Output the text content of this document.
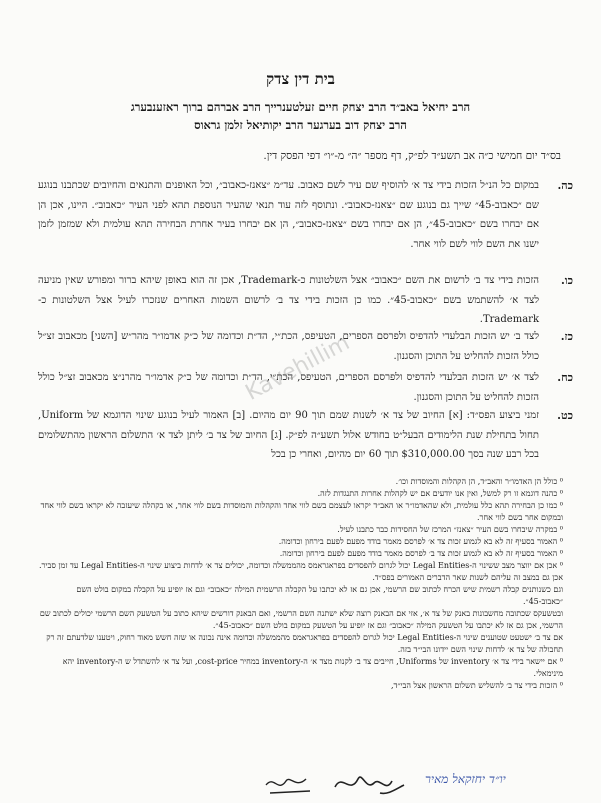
בית דין צדק
הרב יחיאל באב״ד הרב יצחק חיים זעלטענרייך הרב אברהם ברוך ראזענבערג
הרב יצחק דוב בערגער הרב יקותיאל זלמן גראוס
בס״ד יום חמישי כ״ה אב תשע״ד לפ״ק, דף מספר ״ה״ מ-״ו״ דפי הפסק דין.
כה.
במקום כל הנ״ל הזכות בידי צד א׳ להוסיף שם עיר לשם כאבוב. עד״מ ״צאנז-כאבוב״, וכל האופנים והתנאים והחיובים שכתבנו בנוגע שם ״כאבוב-45״ שייך גם בנוגע שם ״צאנז-כאבוב״. ונתוסף לזה עוד תנאי שהעיר הנוספת תהא לפני העיר ״כאבוב״. היינו, אכן הן אם יבחרו בשם ״כאבוב-45״, הן אם יבחרו בשם ״צאנז-כאבוב״, הן אם יבחרו בעיר אחרת הבחירה תהא עולמית ולא שמזמן לזמן ישנו את השם לווי לשם לווי אחר.
כו.
הזכות בידי צד ב׳ לרשום את השם ״כאבוב״ אצל השלטונות כ-Trademark, אכן זה הוא באופן שיהא ברור ומפורש שאין מניעה לצד א׳ להשתמש בשם ״כאבוב-45״. כמו כן הזכות בידי צד ב׳ לרשום השמות האחרים שנזכרו לעיל אצל השלטונות כ-Trademark.
כז.
לצד ב׳ יש הזכות הבלעדי להדפיס ולפרסם הספרים, הטעיפס, הכת״י, הד״ת וכדומה של כ״ק אדמו״ר מהר״ש [השני] מכאבוב זצ״ל כולל הזכות להחליט על התוכן והסגנון.
כח.
לצד א׳ יש הזכות הבלעדי להדפיס ולפרסם הספרים, הטעיפס, הכת״י, הד״ת וכדומה של כ״ק אדמו״ר מהרנ״צ מכאבוב זצ״ל כולל הזכות להחליט על התוכן והסגנון.
כט.
זמני ביצוע הפס״ד: [א] החיוב של צד א׳ לשנות שמם תוך 90 יום מהיום. [ב] האמור לעיל בנוגע שינוי הדוגמא של Uniform, תחול בתחילת שנת הלימודים הבעל״ט בחודש אלול תשע״ה לפ״ק. [ג] החיוב של צד ב׳ ליתן לצד א׳ התשלום הראשון מהתשלומים בכל רבע שנה בסך $310,000.00 תוך 60 יום מהיום, ואחרי כן בכל
⁰ כולל הן האדמו״ר והאב״ד, הן הקהלות והמוסדות וכו׳.
⁰ כהנה דוגמא זו רק למשל, ואין אנו יודעים אם יש לקהלות אחרות התנגדות לזה.
⁰ כמו כן הבחירה תהא כלל עולמית, ולא שהאדמו״ר או האב״ד יקראו לעצמם בשם לווי אחד והקהלות והמוסדות בשם לווי אחר, או בקהלה שיעזבה לא יקראו בשם לווי אחד ובמקום אחר בשם לווי אחר.
⁰ במקרה שיבחרו בשם העיר ״צאנז״ המרכז של החסידות כבר כתבנו לעיל.
⁰ האמור בסעיף זה לא בא לגמוע זכות צד א׳ לפרסם מאמר בודד מפעם לפעם בירחון וכדומה.
⁰ האמור בסעיף זה לא בא לגמוע זכות צד ב׳ לפרסם מאמר בודד מפעם לפעם בירחון וכדומה.
⁰ אכן אם יווצר מצב ששינוי ה-Legal Entities יכול לגרום להפסדים בפראגראמס מהממשלה וכדומה, יכולים צד א׳ לדחות ביצוע שינוי ה-Legal Entities עד זמן סביר.
אכן גם במצב זה עליהם לשנות שאר הדברים האמורים בפס״ד.
וגם כשנותנים קבלה רשמית שיש הכרח לכתוב שם הרשמי, אכן גם אז לא יכתבו על הקבלה הרשמית המילה ״כאבוב״ וגם אז יופיע על הקבלה במקום בולט השם ״כאבוב-45״.
ובטשעקס שכתובה מחשבונות באנק של צד א׳, אזי אם הבאנק רוצה שלא ישתנה השם הרשמי, ואם הבאנק דורשים שיהא כתוב על הטשעק השם הרשמי יכולים לכתוב שם הרשמי, אכן גם אז לא יכתבו על הטשעק המילה ״כאבוב״ וגם אז יופיע על הטשעק במקום בולט השם ״כאבוב-45״.
אם צד ב׳ ישטעט שטוענים שינוי ה-Legal Entities יכול לגרום להפסדים בפראגראמס מהממשלה וכדומה אינה נכונה או שזה חשש מאוד רחוק, ויטענו שלדעתם זה רק תחבולה של צד א׳ לדחות שינוי השם יידונו הבי״ד בזה.
⁰ אם יישאר בידי צד א׳ inventory של Uniforms, חייבים צד ב׳ לקנות מצד א׳ ה-inventory במחיר cost-price, ועל צד א׳ להשתדל ש ה-inventory יהא מינימאלי.
⁰ הזכות בידי צד ב׳ להשליש תשלום הראשון אצל הבי״ד,
Kavehillim
יו״ד יחזקאל מאיר
